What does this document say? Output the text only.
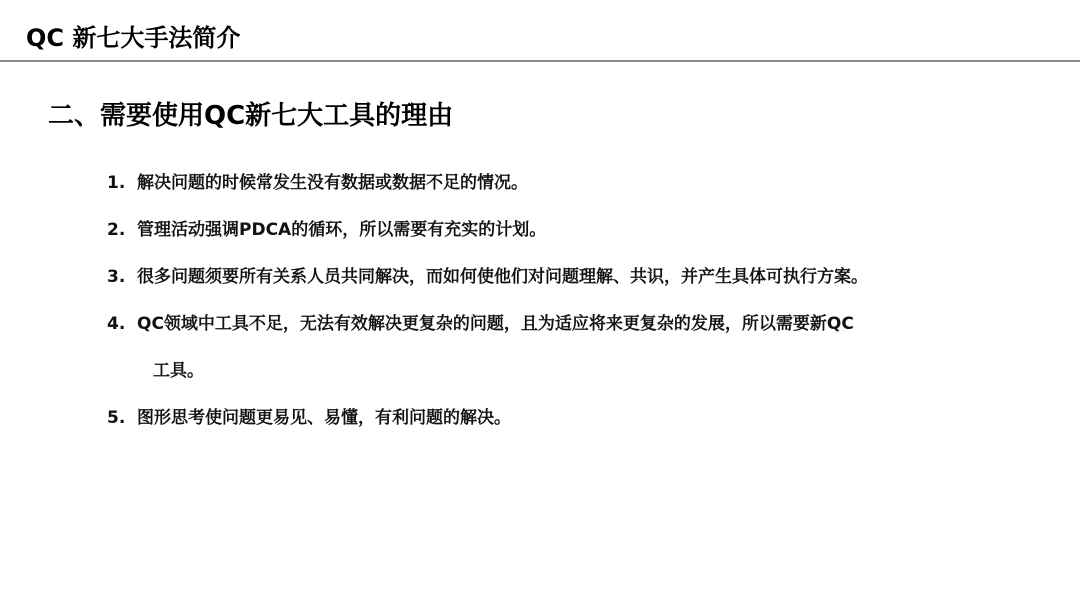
QC 新七大手法简介
二、需要使用QC新七大工具的理由
1. 解决问题的时候常发生没有数据或数据不足的情况。
2. 管理活动强调PDCA的循环，所以需要有充实的计划。
3. 很多问题须要所有关系人员共同解决，而如何使他们对问题理解、共识，并产生具体可执行方案。
4. QC领域中工具不足，无法有效解决更复杂的问题，且为适应将来更复杂的发展，所以需要新QC
工具。
5. 图形思考使问题更易见、易懂，有利问题的解决。
